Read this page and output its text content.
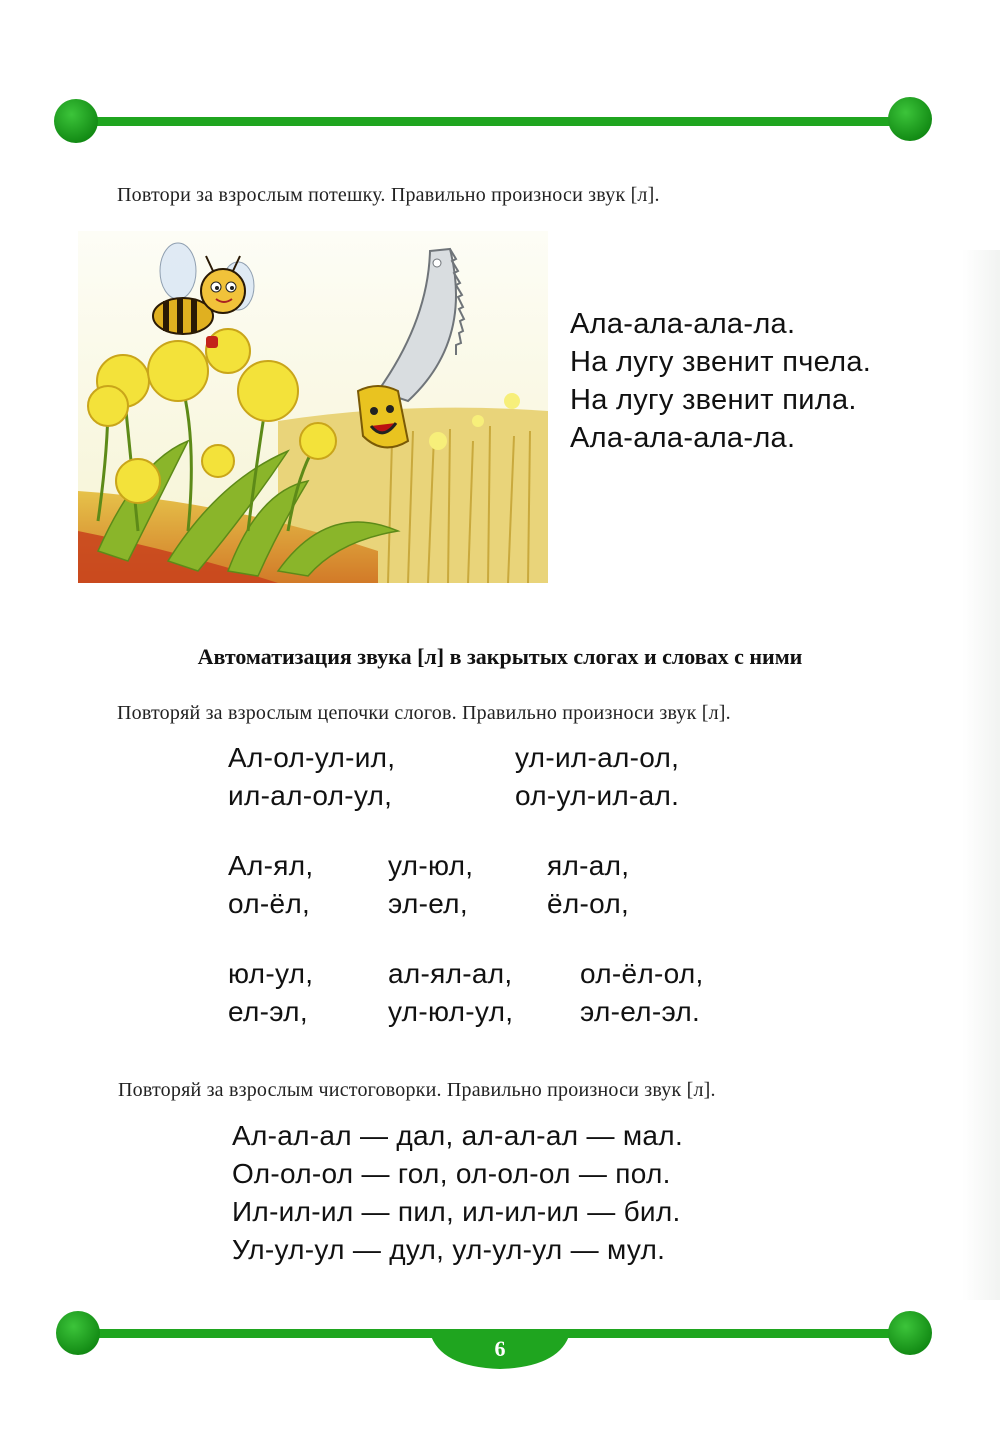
Повтори за взрослым потешку. Правильно произноси звук [л].
Ала-ала-ала-ла.
На лугу звенит пчела.
На лугу звенит пила.
Ала-ала-ала-ла.
Автоматизация звука [л] в закрытых слогах и словах с ними
Повторяй за взрослым цепочки слогов. Правильно произноси звук [л].
Ал-ол-ул-ил,	ул-ил-ал-ол,
ил-ал-ол-ул,	ол-ул-ил-ал.
Ал-ял,	ул-юл,	ял-ал,
ол-ёл,	эл-ел,	ёл-ол,
юл-ул,	ал-ял-ал, ол-ёл-ол,
ел-эл,	ул-юл-ул, эл-ел-эл.
Повторяй за взрослым чистоговорки. Правильно произноси звук [л].
Ал-ал-ал — дал, ал-ал-ал — мал.
Ол-ол-ол — гол, ол-ол-ол — пол.
Ил-ил-ил — пил, ил-ил-ил — бил.
Ул-ул-ул — дул, ул-ул-ул — мул.
6
